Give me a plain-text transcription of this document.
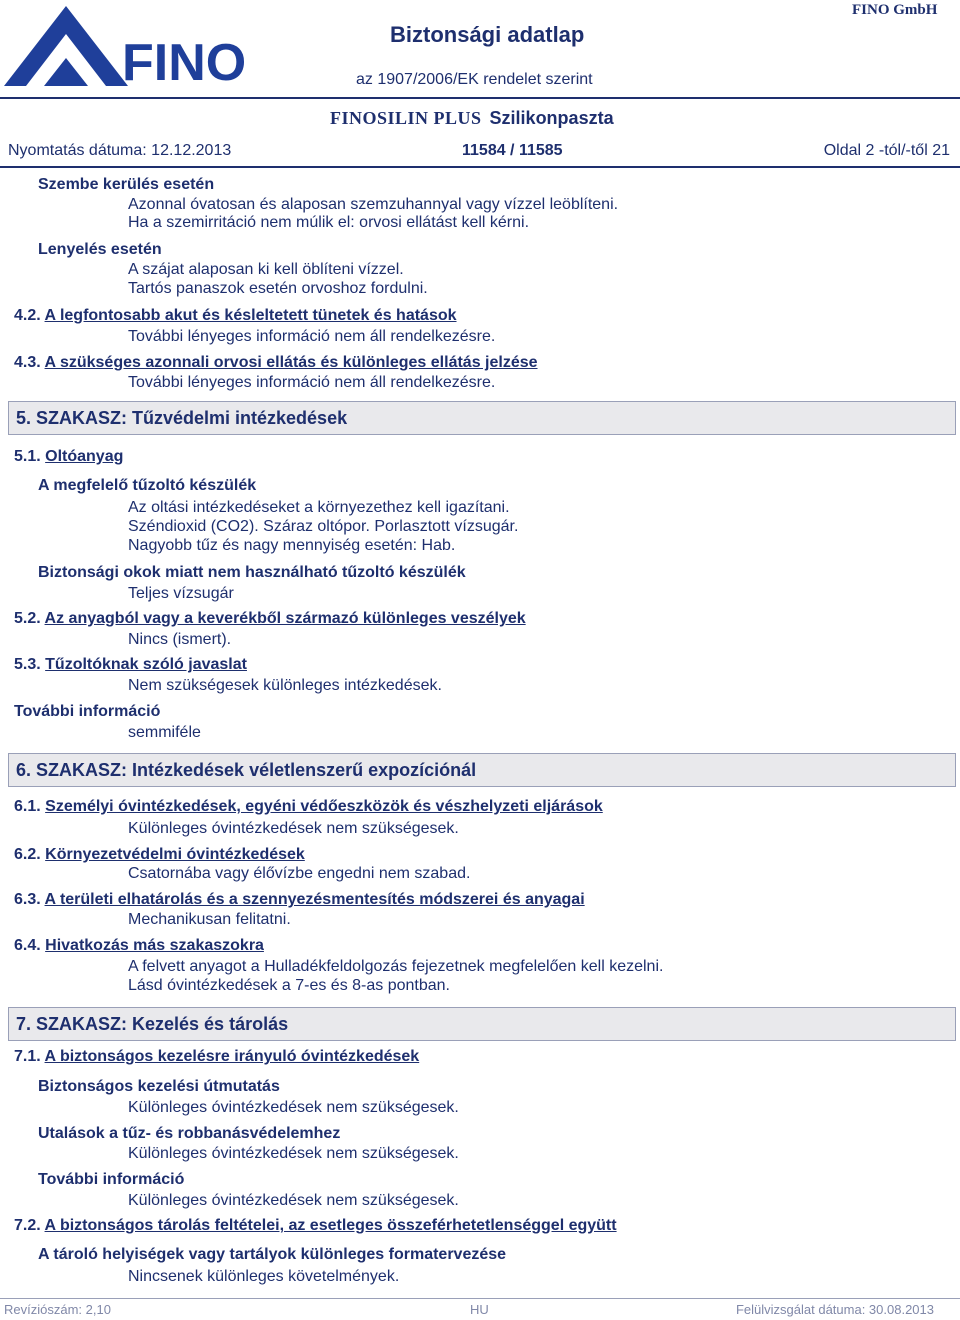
FINO	Biztonsági adatlap
FINO GmbH
az 1907/2006/EK rendelet szerint
FINOSILIN PLUS Szilikonpaszta
Nyomtatás dátuma: 12.12.2013	11584 / 11585	Oldal 2 -tól/-től 21
Szembe kerülés esetén
Azonnal óvatosan és alaposan szemzuhannyal vagy vízzel leöblíteni.
Ha a szemirritáció nem múlik el: orvosi ellátást kell kérni.
Lenyelés esetén
A szájat alaposan ki kell öblíteni vízzel.
Tartós panaszok esetén orvoshoz fordulni.
4.2. A legfontosabb akut és késleltetett tünetek és hatások
További lényeges információ nem áll rendelkezésre.
4.3. A szükséges azonnali orvosi ellátás és különleges ellátás jelzése
További lényeges információ nem áll rendelkezésre.
5. SZAKASZ: Tűzvédelmi intézkedések
5.1. Oltóanyag
A megfelelő tűzoltó készülék
Az oltási intézkedéseket a környezethez kell igazítani.
Széndioxid (CO2). Száraz oltópor. Porlasztott vízsugár.
Nagyobb tűz és nagy mennyiség esetén: Hab.
Biztonsági okok miatt nem használható tűzoltó készülék
Teljes vízsugár
5.2. Az anyagból vagy a keverékből származó különleges veszélyek
Nincs (ismert).
5.3. Tűzoltóknak szóló javaslat
Nem szükségesek különleges intézkedések.
További információ
semmiféle
6. SZAKASZ: Intézkedések véletlenszerű expozíciónál
6.1. Személyi óvintézkedések, egyéni védőeszközök és vészhelyzeti eljárások
Különleges óvintézkedések nem szükségesek.
6.2. Környezetvédelmi óvintézkedések
Csatornába vagy élővízbe engedni nem szabad.
6.3. A területi elhatárolás és a szennyezésmentesítés módszerei és anyagai
Mechanikusan felitatni.
6.4. Hivatkozás más szakaszokra
A felvett anyagot a Hulladékfeldolgozás fejezetnek megfelelően kell kezelni.
Lásd óvintézkedések a 7-es és 8-as pontban.
7. SZAKASZ: Kezelés és tárolás
7.1. A biztonságos kezelésre irányuló óvintézkedések
Biztonságos kezelési útmutatás
Különleges óvintézkedések nem szükségesek.
Utalások a tűz- és robbanásvédelemhez
Különleges óvintézkedések nem szükségesek.
További információ
Különleges óvintézkedések nem szükségesek.
7.2. A biztonságos tárolás feltételei, az esetleges összeférhetetlenséggel együtt
A tároló helyiségek vagy tartályok különleges formatervezése
Nincsenek különleges követelmények.
Revíziószám: 2,10	HU	Felülvizsgálat dátuma: 30.08.2013
